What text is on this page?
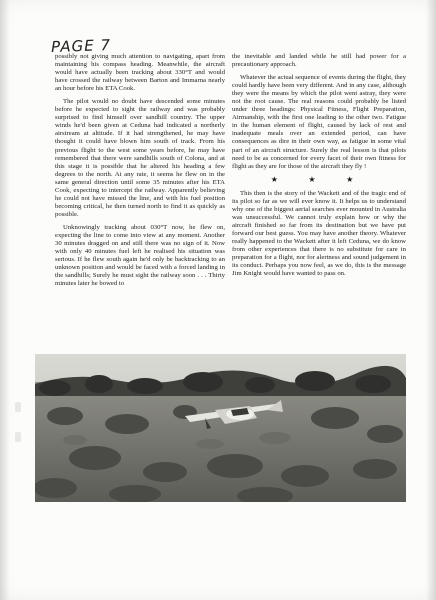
PAGE 7

possibly not giving much attention to navigating, apart from maintaining his compass heading. Meanwhile, the aircraft would have actually been tracking about 330°T and would have crossed the railway between Barton and Immarna nearly an hour before his ETA Cook.

The pilot would no doubt have descended some minutes before he expected to sight the railway and was probably surprised to find himself over sandhill country. The upper winds he'd been given at Ceduna had indicated a northerly airstream at altitude. If it had strengthened, he may have thought it could have blown him south of track. From his previous flight to the west some years before, he may have remembered that there were sandhills south of Colona, and at this stage it is possible that he altered his heading a few degrees to the north. At any rate, it seems he flew on in the same general direction until some 35 minutes after his ETA Cook, expecting to intercept the railway. Apparently believing he could not have missed the line, and with his fuel position becoming critical, he then turned north to find it as quickly as possible.

Unknowingly tracking about 030°T now, he flew on, expecting the line to come into view at any moment. Another 30 minutes dragged on and still there was no sign of it. Now with only 40 minutes fuel left he realised his situation was serious. If he flew south again he'd only be backtracking to an unknown position and would be faced with a forced landing in the sandhills; Surely he must sight the railway soon . . . Thirty minutes later he bowed to

the inevitable and landed while he still had power for a precautionary approach.

Whatever the actual sequence of events during the flight, they could hardly have been very different. And in any case, although they were the means by which the pilot went astray, they were not the root cause. The real reasons could probably be listed under three headings: Physical Fitness, Flight Preparation, Airmanship, with the first one leading to the other two. Fatigue in the human element of flight, caused by lack of rest and inadequate meals over an extended period, can have consequences as dire in their own way, as fatigue in some vital part of an aircraft structure. Surely the real lesson is that pilots need to be as concerned for every facet of their own fitness for flight as they are for those of the aircraft they fly !

★ ★ ★

This then is the story of the Wackett and of the tragic end of its pilot so far as we will ever know it. It helps us to understand why one of the biggest aerial searches ever mounted in Australia was unsuccessful. We cannot truly explain how or why the aircraft finished so far from its destination but we have put forward our best guess. You may have another theory. Whatever really happened to the Wackett after it left Ceduna, we do know from other experiences that there is no substitute for care in preparation for a flight, nor for alertness and sound judgement in its conduct. Perhaps you now feel, as we do, this is the message Jim Knight would have wanted to pass on.
